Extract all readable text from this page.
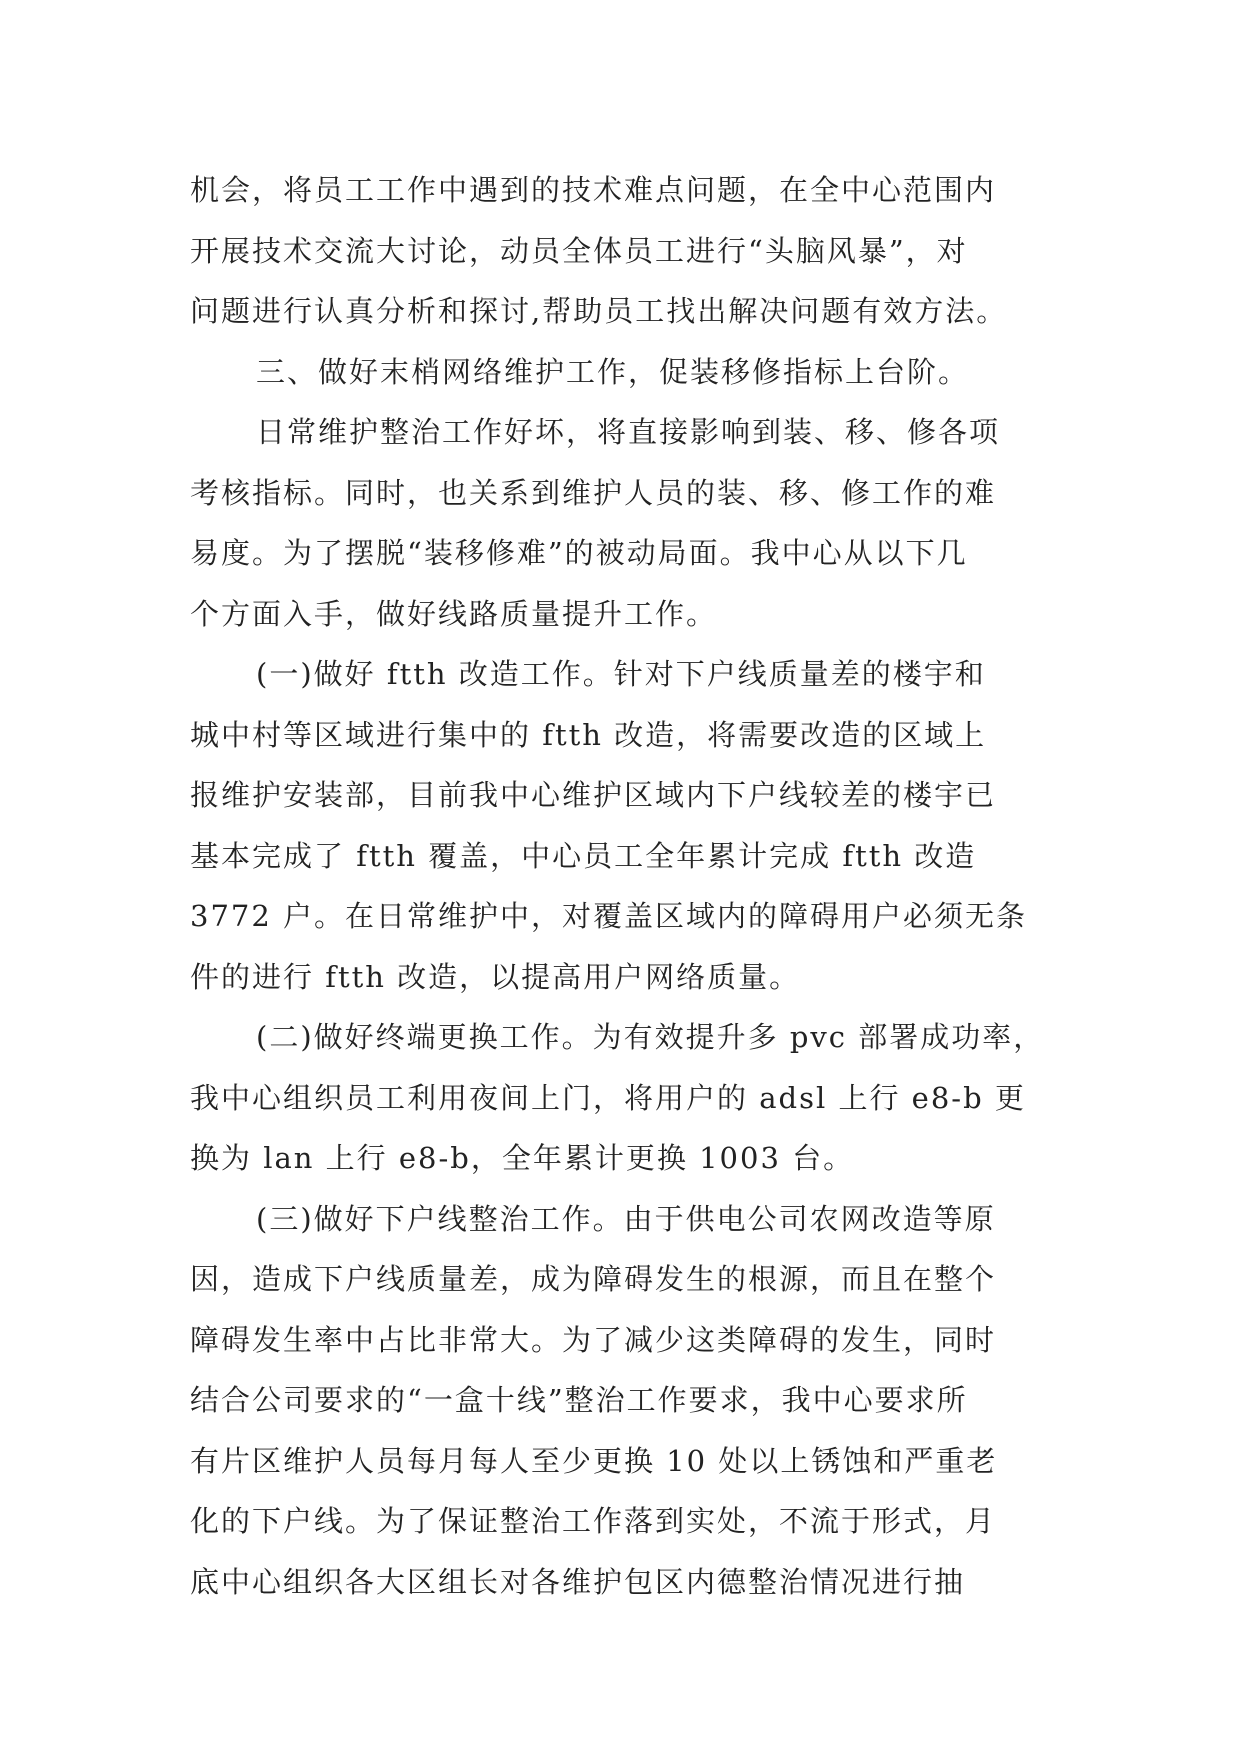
机会，将员工工作中遇到的技术难点问题，在全中心范围内
开展技术交流大讨论，动员全体员工进行“头脑风暴”，对
问题进行认真分析和探讨,帮助员工找出解决问题有效方法。
三、做好末梢网络维护工作，促装移修指标上台阶。
日常维护整治工作好坏，将直接影响到装、移、修各项
考核指标。同时，也关系到维护人员的装、移、修工作的难
易度。为了摆脱“装移修难”的被动局面。我中心从以下几
个方面入手，做好线路质量提升工作。
(一)做好 ftth 改造工作。针对下户线质量差的楼宇和
城中村等区域进行集中的 ftth 改造，将需要改造的区域上
报维护安装部，目前我中心维护区域内下户线较差的楼宇已
基本完成了 ftth 覆盖，中心员工全年累计完成 ftth 改造
3772 户。在日常维护中，对覆盖区域内的障碍用户必须无条
件的进行 ftth 改造，以提高用户网络质量。
(二)做好终端更换工作。为有效提升多 pvc 部署成功率，
我中心组织员工利用夜间上门，将用户的 adsl 上行 e8-b 更
换为 lan 上行 e8-b，全年累计更换 1003 台。
(三)做好下户线整治工作。由于供电公司农网改造等原
因，造成下户线质量差，成为障碍发生的根源，而且在整个
障碍发生率中占比非常大。为了减少这类障碍的发生，同时
结合公司要求的“一盒十线”整治工作要求，我中心要求所
有片区维护人员每月每人至少更换 10 处以上锈蚀和严重老
化的下户线。为了保证整治工作落到实处，不流于形式，月
底中心组织各大区组长对各维护包区内德整治情况进行抽
